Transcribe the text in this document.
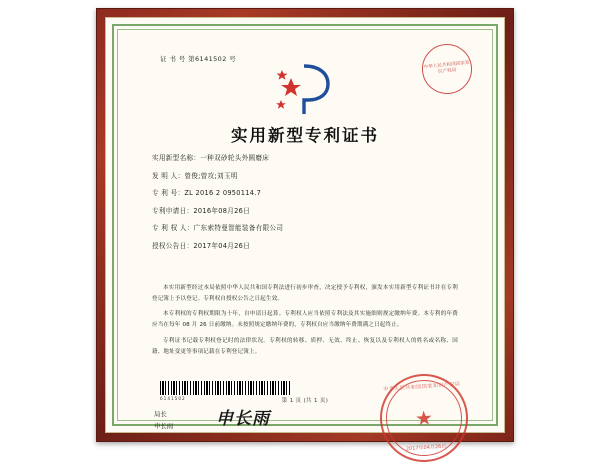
证 书 号 第6141502 号
中华人民共和国国家知识产权局
实用新型专利证书
实用新型名称：一种双砂轮头外圆磨床
发 明 人：曾俊;曾攻;刘玉明
专 利 号：ZL 2016 2 0950114.7
专利申请日：2016年08月26日
专 利 权 人：广东索特曼智能装备有限公司
授权公告日：2017年04月26日

本实用新型经过本局依照中华人民共和国专利法进行初步审查，决定授予专利权，颁发本实用新型专利证书并在专利登记簿上予以登记。专利权自授权公告之日起生效。

本专利权的专利权期限为十年，自申请日起算。专利权人应当依照专利法及其实施细则规定缴纳年费。本专利的年费应当在每年 08 月 26 日前缴纳。未按照规定缴纳年费的，专利权自应当缴纳年费期满之日起终止。

专利证书记载专利权登记时的法律状况。专利权的转移、质押、无效、终止、恢复以及专利权人的姓名或名称、国籍、地址变更等事项记载在专利登记簿上。

6141502
局长
申长雨	申长雨
中华人民共和国国家知识产权局
★
2017年04月26日
第 1 页 (共 1 页)
